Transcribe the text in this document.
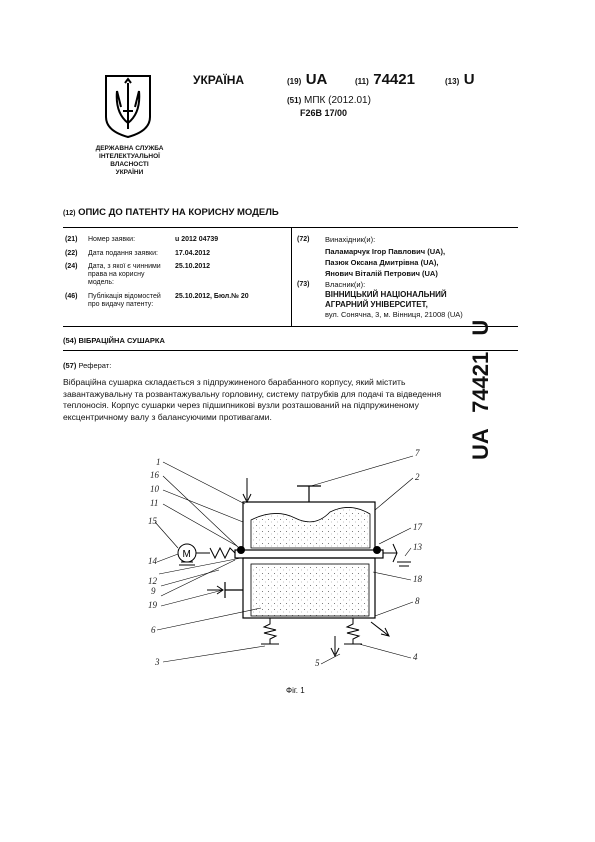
ДЕРЖАВНА СЛУЖБА
ІНТЕЛЕКТУАЛЬНОЇ
ВЛАСНОСТІ
УКРАЇНИ
УКРАЇНА	(19) UA	(11) 74421	(13) U
(51) МПК (2012.01)
F26B 17/00
(12) ОПИС ДО ПАТЕНТУ НА КОРИСНУ МОДЕЛЬ
(21) Номер заявки:	u 2012 04739
(22) Дата подання заявки: 17.04.2012
(24) Дата, з якої є чинними
права на корисну
модель:
25.10.2012
(46) Публікація відомостей
про видачу патенту:
25.10.2012, Бюл.№ 20
(72) Винахідник(и):
Паламарчук Ігор Павлович (UA),
Пазюк Оксана Дмитрівна (UA),
Янович Віталій Петрович (UA)
(73) Власник(и):
ВІННИЦЬКИЙ НАЦІОНАЛЬНИЙ
АГРАРНИЙ УНІВЕРСИТЕТ,
вул. Сонячна, 3, м. Вінниця, 21008 (UA)
(54) ВІБРАЦІЙНА СУШАРКА
(57) Реферат:
Вібраційна сушарка складається з підпружиненого барабанного корпусу, який містить
завантажувальну та розвантажувальну горловину, систему патрубків для подачі та відведення
теплоносія. Корпус сушарки через підшипникові вузли розташований на підпружиненому
ексцентричному валу з балансуючими противагами.	UA 74421 U
М
1
16
10
11
15
14
12
9
19
6
3
7
2
17
13
18
8
4
5
Фіг. 1
